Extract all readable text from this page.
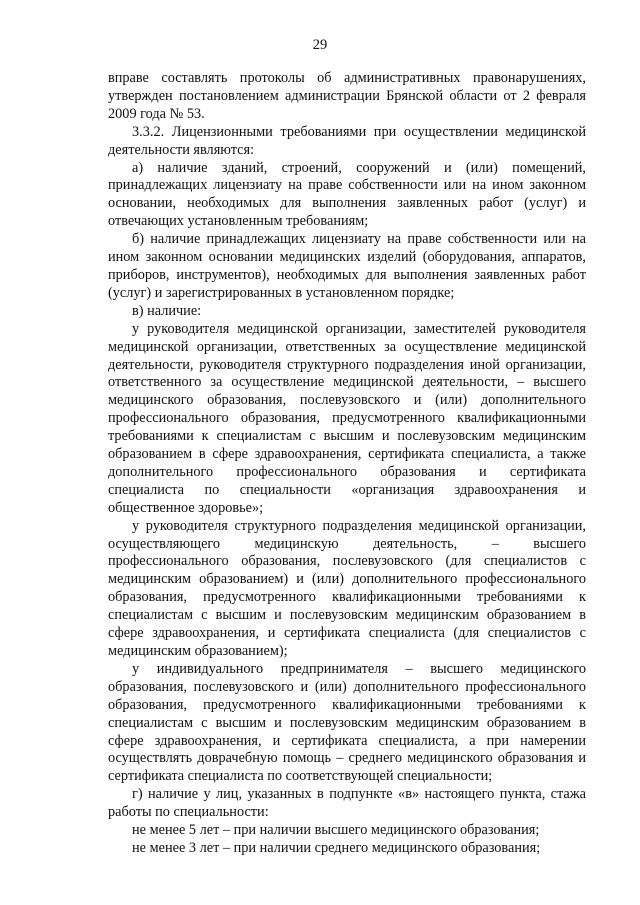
29

вправе составлять протоколы об административных правонарушениях, утвержден постановлением администрации Брянской области от 2 февраля 2009 года № 53.

3.3.2. Лицензионными требованиями при осуществлении медицинской деятельности являются:

а) наличие зданий, строений, сооружений и (или) помещений, принадлежащих лицензиату на праве собственности или на ином законном основании, необходимых для выполнения заявленных работ (услуг) и отвечающих установленным требованиям;

б) наличие принадлежащих лицензиату на праве собственности или на ином законном основании медицинских изделий (оборудования, аппаратов, приборов, инструментов), необходимых для выполнения заявленных работ (услуг) и зарегистрированных в установленном порядке;

в) наличие:

у руководителя медицинской организации, заместителей руководителя медицинской организации, ответственных за осуществление медицинской деятельности, руководителя структурного подразделения иной организации, ответственного за осуществление медицинской деятельности, – высшего медицинского образования, послевузовского и (или) дополнительного профессионального образования, предусмотренного квалификационными требованиями к специалистам с высшим и послевузовским медицинским образованием в сфере здравоохранения, сертификата специалиста, а также дополнительного профессионального образования и сертификата специалиста по специальности «организация здравоохранения и общественное здоровье»;

у руководителя структурного подразделения медицинской организации, осуществляющего медицинскую деятельность, – высшего профессионального образования, послевузовского (для специалистов с медицинским образованием) и (или) дополнительного профессионального образования, предусмотренного квалификационными требованиями к специалистам с высшим и послевузовским медицинским образованием в сфере здравоохранения, и сертификата специалиста (для специалистов с медицинским образованием);

у индивидуального предпринимателя – высшего медицинского образования, послевузовского и (или) дополнительного профессионального образования, предусмотренного квалификационными требованиями к специалистам с высшим и послевузовским медицинским образованием в сфере здравоохранения, и сертификата специалиста, а при намерении осуществлять доврачебную помощь – среднего медицинского образования и сертификата специалиста по соответствующей специальности;

г) наличие у лиц, указанных в подпункте «в» настоящего пункта, стажа работы по специальности:

не менее 5 лет – при наличии высшего медицинского образования;

не менее 3 лет – при наличии среднего медицинского образования;
